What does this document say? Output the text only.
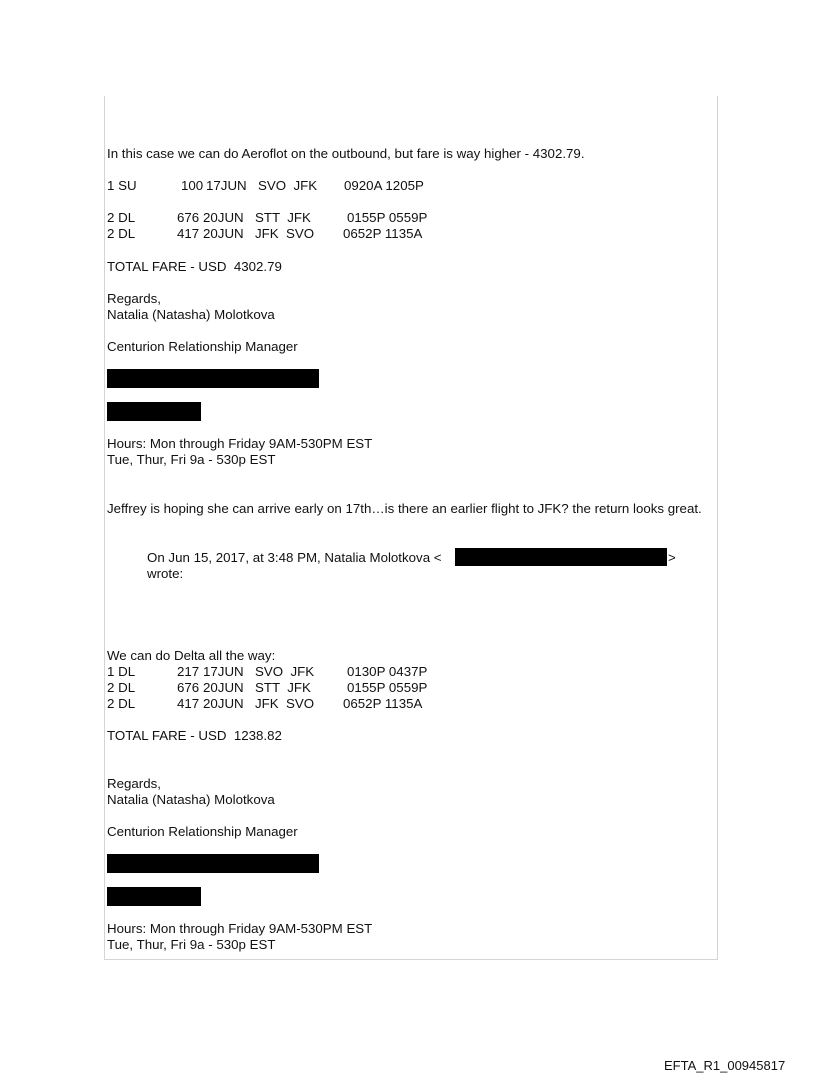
In this case we can do Aeroflot on the outbound, but fare is way higher - 4302.79.
1 SU	100 17JUN SVO  JFK 0920A 1205P
2 DL	676 20JUN STT  JFK	0155P 0559P
2 DL	417 20JUN JFK  SVO 0652P 1135A
TOTAL FARE - USD  4302.79
Regards,
Natalia (Natasha) Molotkova
Centurion Relationship Manager
Hours: Mon through Friday 9AM-530PM EST
Tue, Thur, Fri 9a - 530p EST
Jeffrey is hoping she can arrive early on 17th…is there an earlier flight to JFK? the return looks great.
On Jun 15, 2017, at 3:48 PM, Natalia Molotkova <	>
wrote:
We can do Delta all the way:
1 DL	217 17JUN SVO  JFK 0130P 0437P
2 DL	676 20JUN STT  JFK	0155P 0559P
2 DL	417 20JUN JFK  SVO 0652P 1135A
TOTAL FARE - USD  1238.82
Regards,
Natalia (Natasha) Molotkova
Centurion Relationship Manager
Hours: Mon through Friday 9AM-530PM EST
Tue, Thur, Fri 9a - 530p EST
EFTA_R1_00945817
